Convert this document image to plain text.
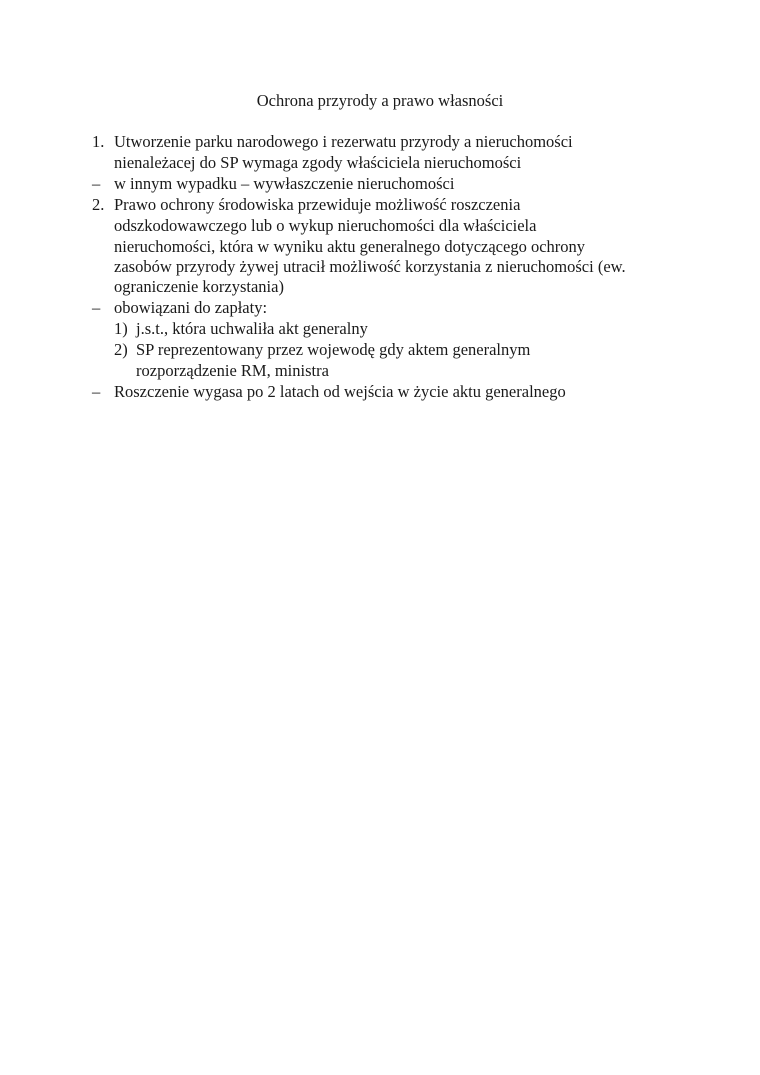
Ochrona przyrody a prawo własności
1. Utworzenie parku narodowego i rezerwatu przyrody a nieruchomości
nienależacej do SP wymaga zgody właściciela nieruchomości
– w innym wypadku – wywłaszczenie nieruchomości
2. Prawo ochrony środowiska przewiduje możliwość roszczenia
odszkodowawczego lub o wykup nieruchomości dla właściciela
nieruchomości, która w wyniku aktu generalnego dotyczącego ochrony
zasobów przyrody żywej utracił możliwość korzystania z nieruchomości (ew.
ograniczenie korzystania)
– obowiązani do zapłaty:
1) j.s.t., która uchwaliła akt generalny
2) SP reprezentowany przez wojewodę gdy aktem generalnym
rozporządzenie RM, ministra
– Roszczenie wygasa po 2 latach od wejścia w życie aktu generalnego
